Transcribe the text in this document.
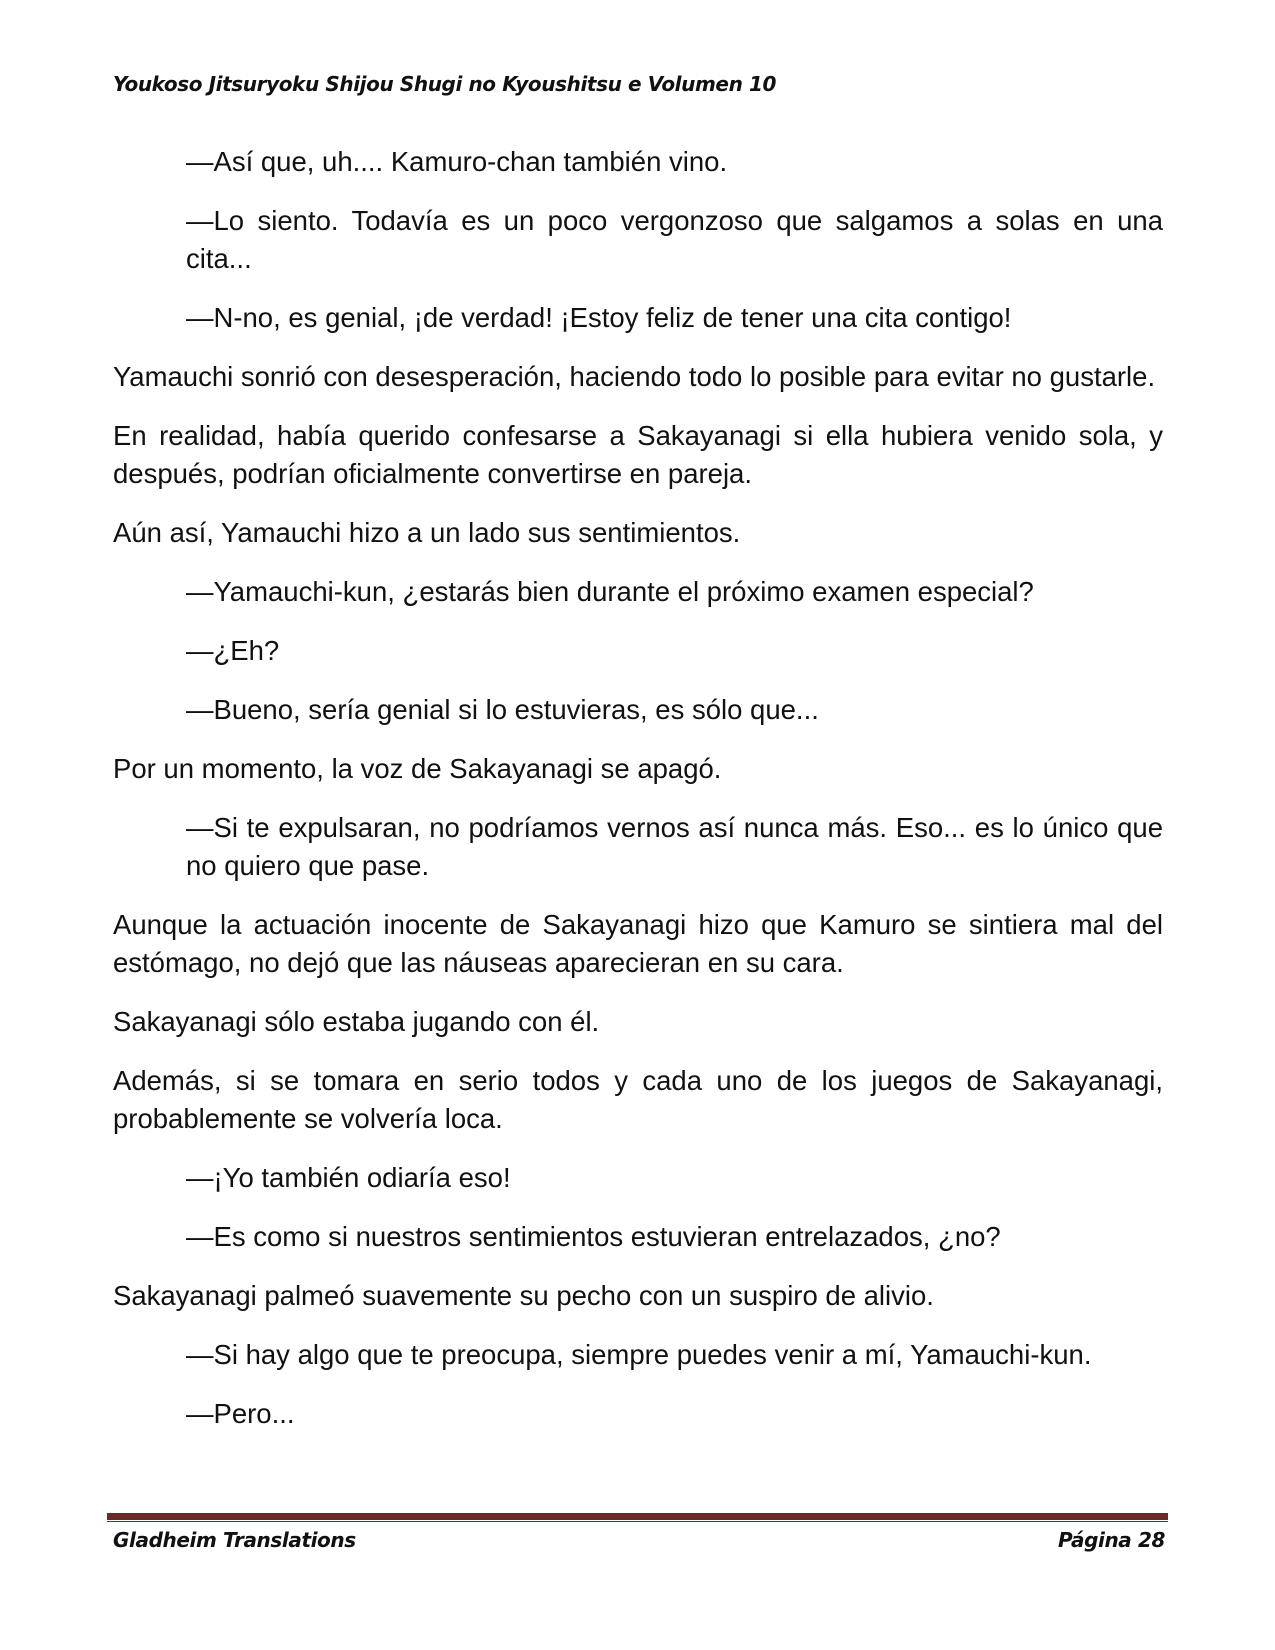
Youkoso Jitsuryoku Shijou Shugi no Kyoushitsu e Volumen 10

—Así que, uh.... Kamuro-chan también vino.

—Lo siento. Todavía es un poco vergonzoso que salgamos a solas en una cita...

—N-no, es genial, ¡de verdad! ¡Estoy feliz de tener una cita contigo!

Yamauchi sonrió con desesperación, haciendo todo lo posible para evitar no gustarle.

En realidad, había querido confesarse a Sakayanagi si ella hubiera venido sola, y después, podrían oficialmente convertirse en pareja.

Aún así, Yamauchi hizo a un lado sus sentimientos.

—Yamauchi-kun, ¿estarás bien durante el próximo examen especial?

—¿Eh?

—Bueno, sería genial si lo estuvieras, es sólo que...

Por un momento, la voz de Sakayanagi se apagó.

—Si te expulsaran, no podríamos vernos así nunca más. Eso... es lo único que no quiero que pase.

Aunque la actuación inocente de Sakayanagi hizo que Kamuro se sintiera mal del estómago, no dejó que las náuseas aparecieran en su cara.

Sakayanagi sólo estaba jugando con él.

Además, si se tomara en serio todos y cada uno de los juegos de Sakayanagi, probablemente se volvería loca.

—¡Yo también odiaría eso!

—Es como si nuestros sentimientos estuvieran entrelazados, ¿no?

Sakayanagi palmeó suavemente su pecho con un suspiro de alivio.

—Si hay algo que te preocupa, siempre puedes venir a mí, Yamauchi-kun.

—Pero...

Gladheim Translations	Página 28
